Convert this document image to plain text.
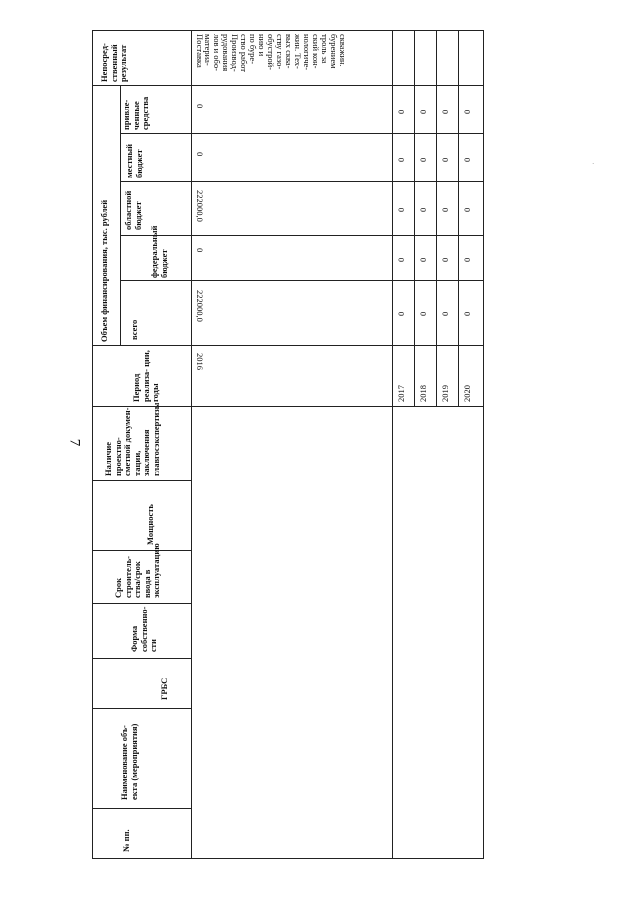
7
№ пп.
Наименование объ- екта (мероприятия)
ГРБС
Форма собственно- сти
Срок строитель- ства/срок ввода в эксплуатацию
Мощность
Наличие проектно- сметной докумен- тации, заключения главгосэкспертизы
Период реализа- ции, годы
Объем финансирования, тыс. рублей всего
федеральный бюджет
областной бюджет
местный бюджет
привле- ченные средства
Непосред- ственный результат
2016
222000,0
0
222000,0
0
0
Поставка
материа- лов и обо- рудования Производ- ство работ по буре- нию и обустрой- ству газо- вых сква- жин. Тех- нологиче- ский кон- троль за бурением скважин.
2017
0
0
0
0
0
2018
0
0
0
0
0
2019
0
0
0
0
0
2020
0
0
0
0
0
·
